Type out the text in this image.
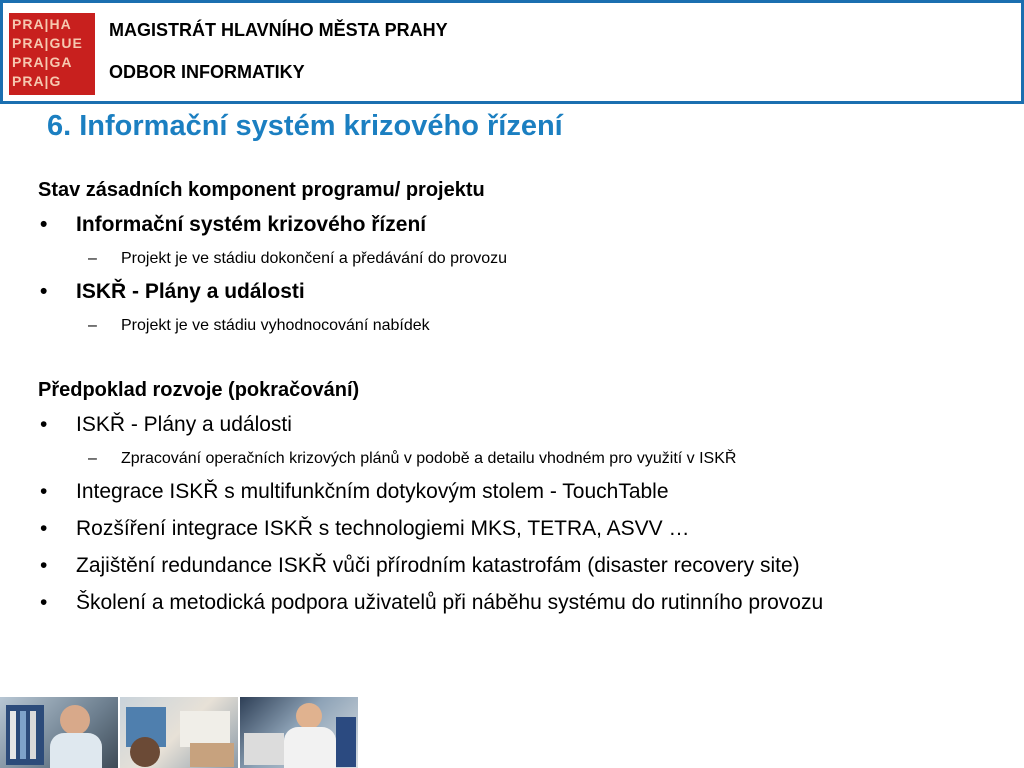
PRA|HA
PRA|GUE
PRA|GA
PRA|G
MAGISTRÁT HLAVNÍHO MĚSTA PRAHY
ODBOR INFORMATIKY
6. Informační systém krizového řízení
Stav zásadních komponent programu/ projektu
• Informační systém krizového řízení
– Projekt je ve stádiu dokončení a předávání do provozu
• ISKŘ - Plány a události
– Projekt je ve stádiu vyhodnocování nabídek
Předpoklad rozvoje (pokračování)
• ISKŘ - Plány a události
– Zpracování operačních krizových plánů v podobě a detailu vhodném pro využití v ISKŘ
• Integrace ISKŘ s multifunkčním dotykovým stolem - TouchTable
• Rozšíření integrace ISKŘ s technologiemi MKS, TETRA, ASVV …
• Zajištění redundance ISKŘ vůči přírodním katastrofám (disaster recovery site)
• Školení a metodická podpora uživatelů při náběhu systému do rutinního provozu
